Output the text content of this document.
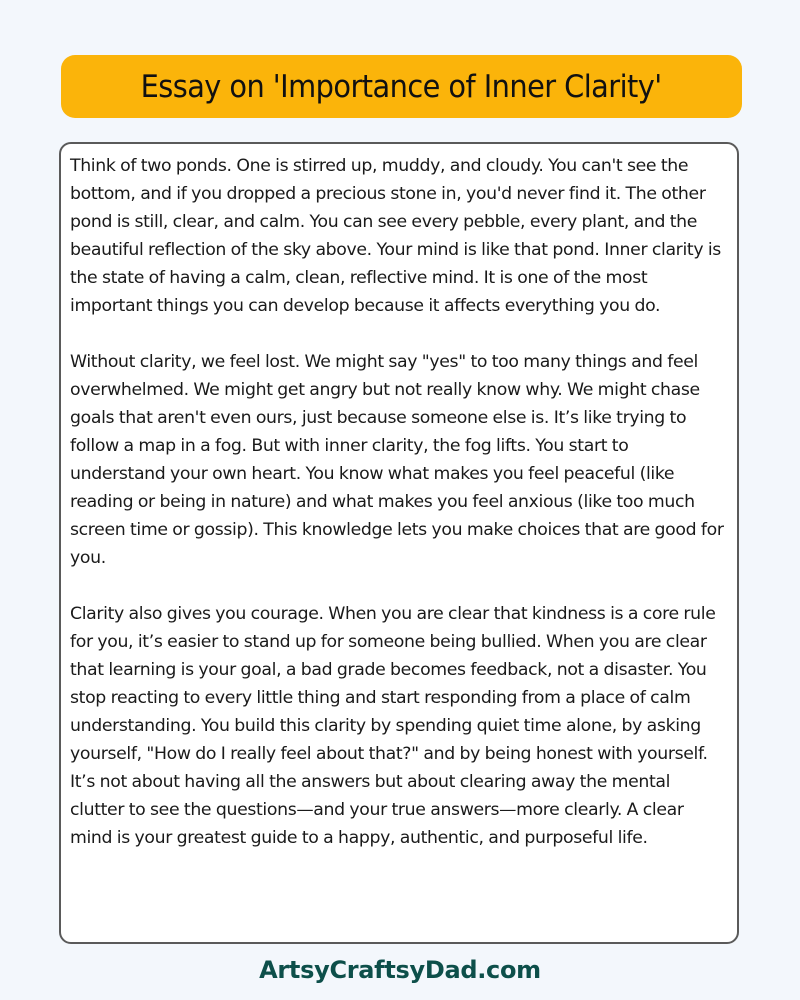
Essay on 'Importance of Inner Clarity'

Think of two ponds. One is stirred up, muddy, and cloudy. You can't see the bottom, and if you dropped a precious stone in, you'd never find it. The other pond is still, clear, and calm. You can see every pebble, every plant, and the beautiful reflection of the sky above. Your mind is like that pond. Inner clarity is the state of having a calm, clean, reflective mind. It is one of the most important things you can develop because it affects everything you do.

Without clarity, we feel lost. We might say "yes" to too many things and feel overwhelmed. We might get angry but not really know why. We might chase goals that aren't even ours, just because someone else is. It’s like trying to follow a map in a fog. But with inner clarity, the fog lifts. You start to understand your own heart. You know what makes you feel peaceful (like reading or being in nature) and what makes you feel anxious (like too much screen time or gossip). This knowledge lets you make choices that are good for you.

Clarity also gives you courage. When you are clear that kindness is a core rule for you, it’s easier to stand up for someone being bullied. When you are clear that learning is your goal, a bad grade becomes feedback, not a disaster. You stop reacting to every little thing and start responding from a place of calm understanding. You build this clarity by spending quiet time alone, by asking yourself, "How do I really feel about that?" and by being honest with yourself. It’s not about having all the answers but about clearing away the mental clutter to see the questions—and your true answers—more clearly. A clear mind is your greatest guide to a happy, authentic, and purposeful life.

ArtsyCraftsyDad.com
